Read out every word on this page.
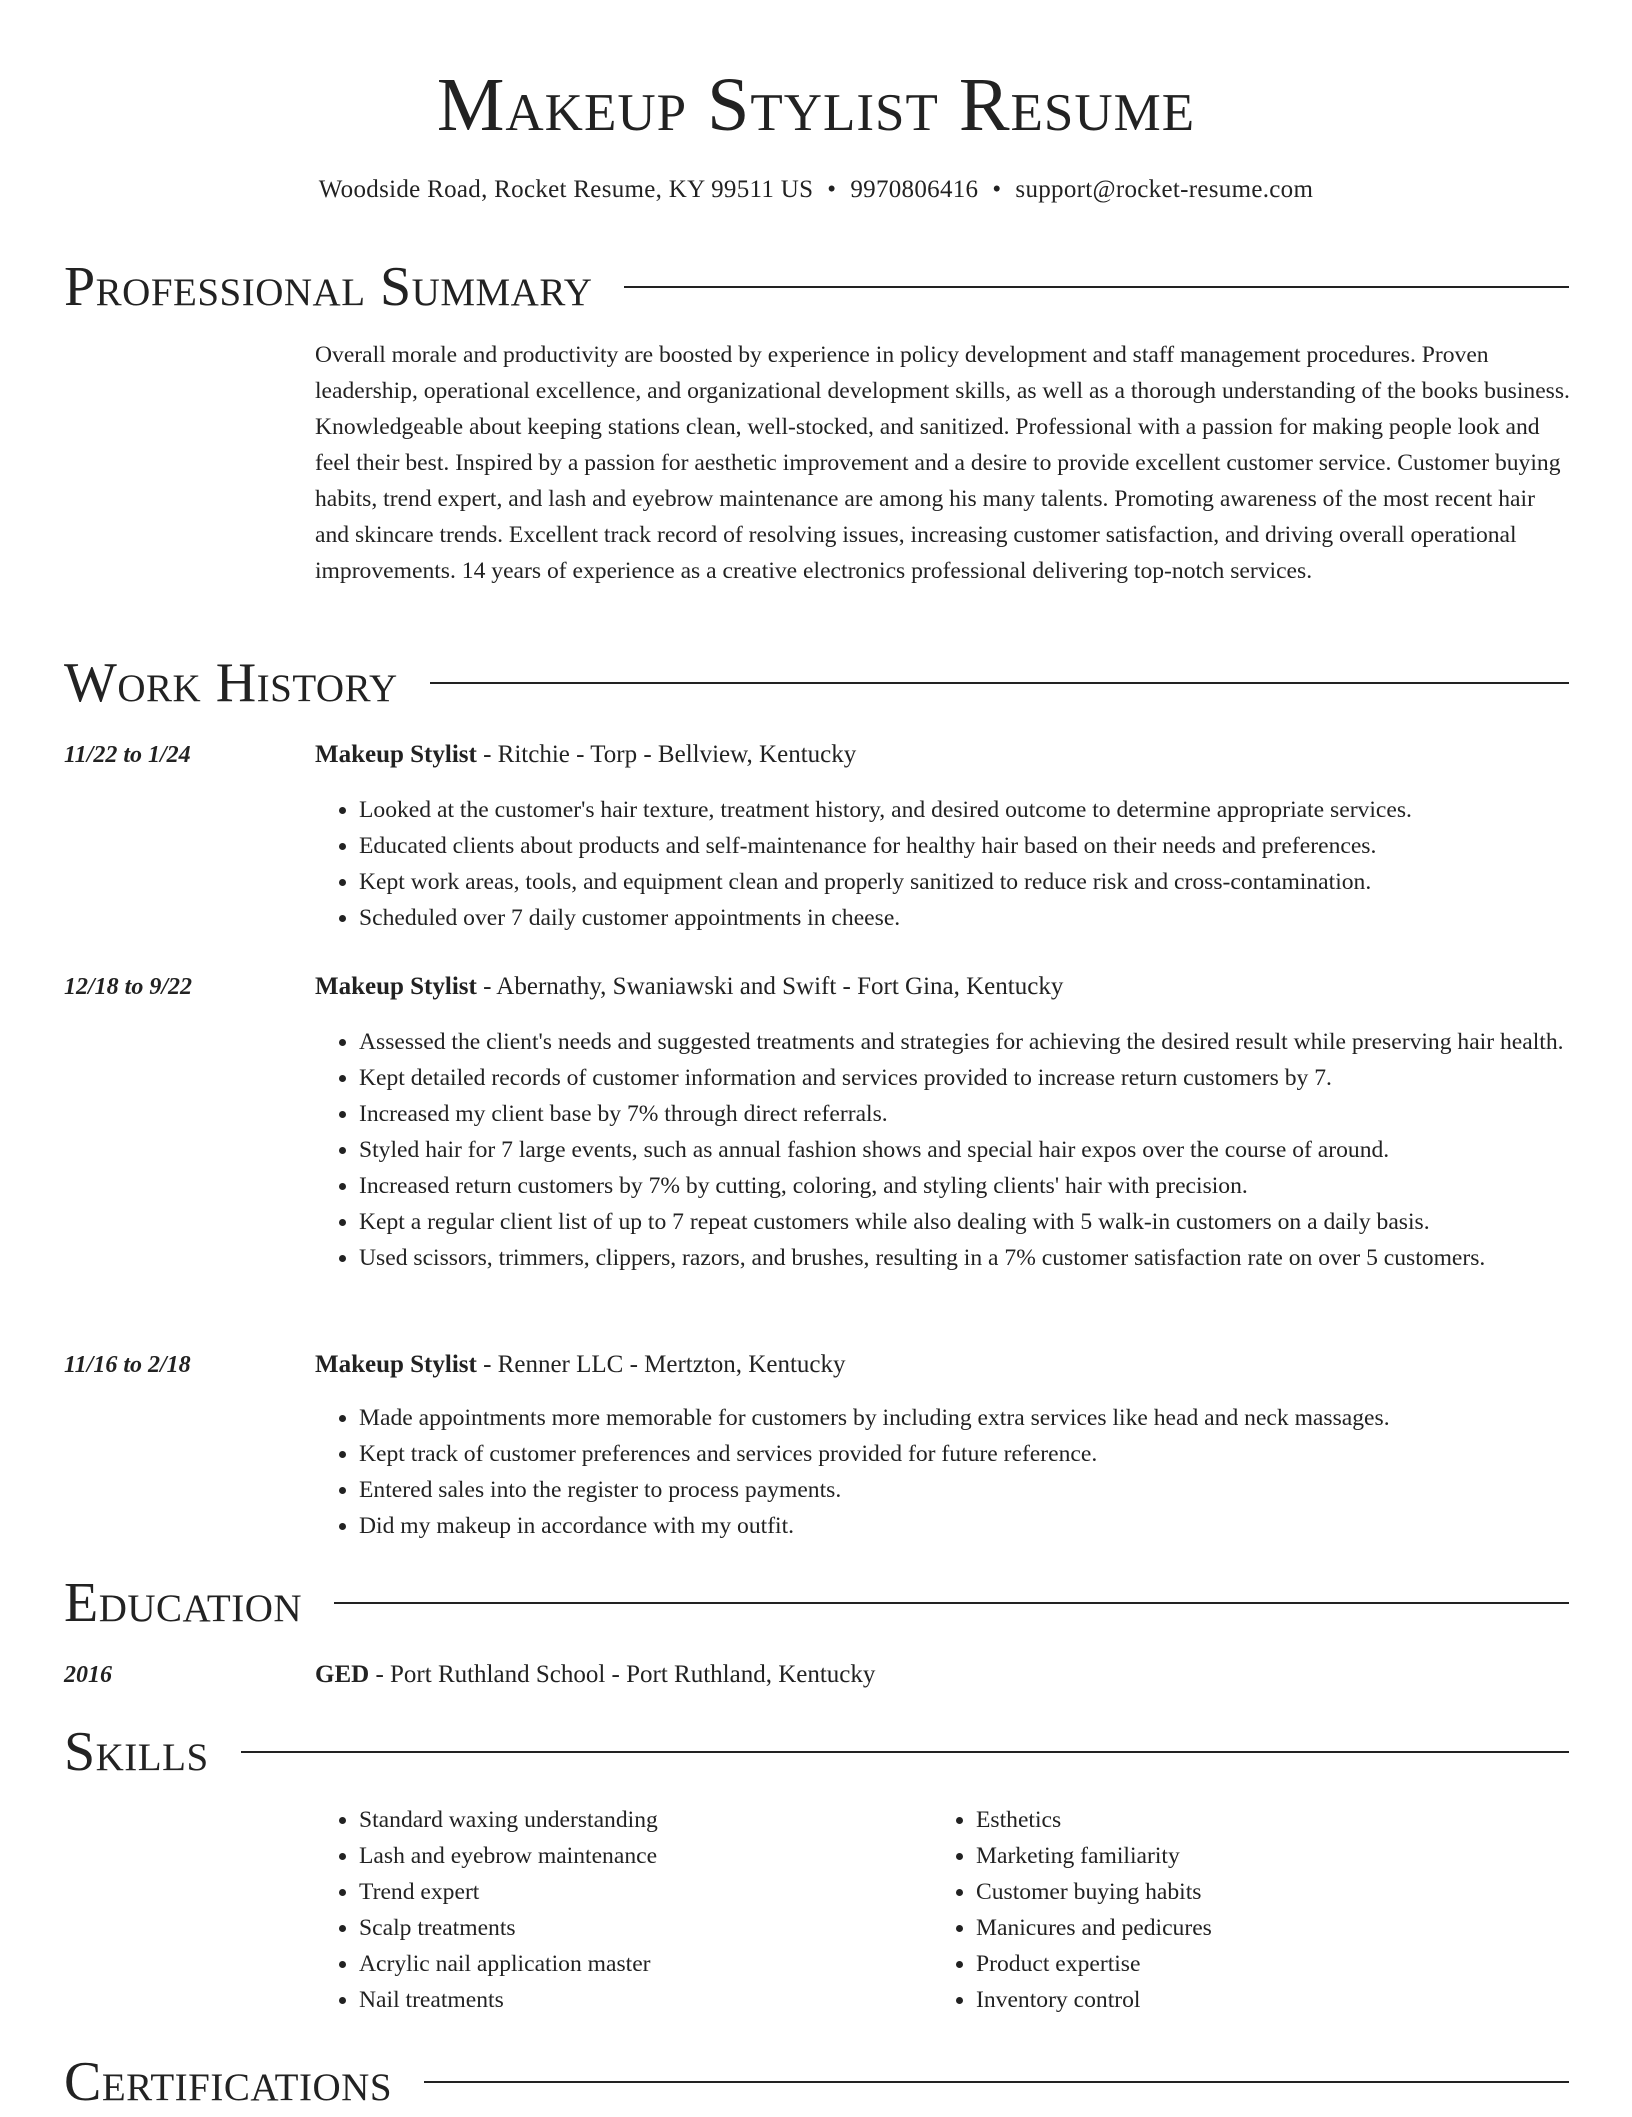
Makeup Stylist Resume
Woodside Road, Rocket Resume, KY 99511 US • 9970806416 • support@rocket-resume.com
Professional Summary

Overall morale and productivity are boosted by experience in policy development and staff management procedures. Proven leadership, operational excellence, and organizational development skills, as well as a thorough understanding of the books business. Knowledgeable about keeping stations clean, well-stocked, and sanitized. Professional with a passion for making people look and feel their best. Inspired by a passion for aesthetic improvement and a desire to provide excellent customer service. Customer buying habits, trend expert, and lash and eyebrow maintenance are among his many talents. Promoting awareness of the most recent hair and skincare trends. Excellent track record of resolving issues, increasing customer satisfaction, and driving overall operational improvements. 14 years of experience as a creative electronics professional delivering top-notch services.

Work History
11/22 to 1/24	Makeup Stylist - Ritchie - Torp - Bellview, Kentucky
• Looked at the customer's hair texture, treatment history, and desired outcome to determine appropriate services.
• Educated clients about products and self-maintenance for healthy hair based on their needs and preferences.
• Kept work areas, tools, and equipment clean and properly sanitized to reduce risk and cross-contamination.
• Scheduled over 7 daily customer appointments in cheese.
12/18 to 9/22	Makeup Stylist - Abernathy, Swaniawski and Swift - Fort Gina, Kentucky
• Assessed the client's needs and suggested treatments and strategies for achieving the desired result while preserving hair health.
• Kept detailed records of customer information and services provided to increase return customers by 7.
• Increased my client base by 7% through direct referrals.
• Styled hair for 7 large events, such as annual fashion shows and special hair expos over the course of around.
• Increased return customers by 7% by cutting, coloring, and styling clients' hair with precision.
• Kept a regular client list of up to 7 repeat customers while also dealing with 5 walk-in customers on a daily basis.
• Used scissors, trimmers, clippers, razors, and brushes, resulting in a 7% customer satisfaction rate on over 5 customers.
11/16 to 2/18	Makeup Stylist - Renner LLC - Mertzton, Kentucky
• Made appointments more memorable for customers by including extra services like head and neck massages.
• Kept track of customer preferences and services provided for future reference.
• Entered sales into the register to process payments.
• Did my makeup in accordance with my outfit.
Education
2016	GED - Port Ruthland School - Port Ruthland, Kentucky
Skills
• Standard waxing understanding
• Lash and eyebrow maintenance
• Trend expert
• Scalp treatments
• Acrylic nail application master
• Nail treatments
• Esthetics
• Marketing familiarity
• Customer buying habits
• Manicures and pedicures
• Product expertise
• Inventory control
Certifications
